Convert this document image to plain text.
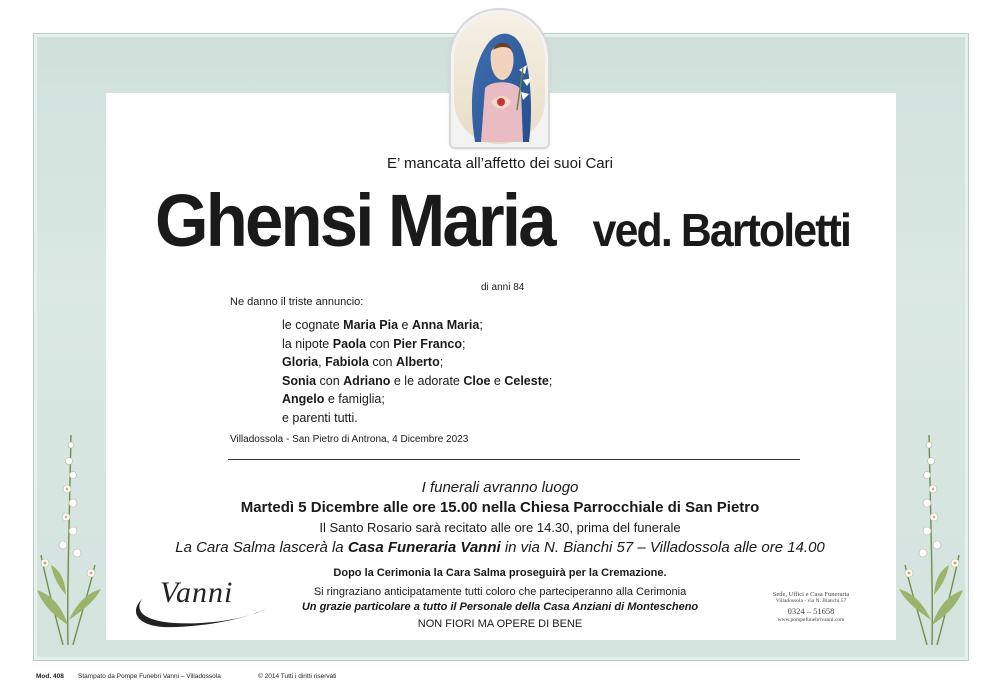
E’ mancata all’affetto dei suoi Cari
Ghensi Maria ved. Bartoletti
di anni 84
Ne danno il triste annuncio:
le cognate Maria Pia e Anna Maria;
la nipote Paola con Pier Franco;
Gloria, Fabiola con Alberto;
Sonia con Adriano e le adorate Cloe e Celeste;
Angelo e famiglia;
e parenti tutti.
Villadossola - San Pietro di Antrona, 4 Dicembre 2023
I funerali avranno luogo
Martedì 5 Dicembre alle ore 15.00 nella Chiesa Parrocchiale di San Pietro
Il Santo Rosario sarà recitato alle ore 14.30, prima del funerale
La Cara Salma lascerà la Casa Funeraria Vanni in via N. Bianchi 57 – Villadossola alle ore 14.00
Dopo la Cerimonia la Cara Salma proseguirà per la Cremazione.
Si ringraziano anticipatamente tutti coloro che parteciperanno alla Cerimonia
Un grazie particolare a tutto il Personale della Casa Anziani di Montescheno
NON FIORI MA OPERE DI BENE
Vanni	Sede, Uffici e Casa Funeraria
Villadossola - via N. Bianchi 57
0324 – 51658
www.pompefunebrivanni.com
Mod. 408 Stampato da Pompe Funebri Vanni – Villadossola	© 2014 Tutti i diritti riservati
